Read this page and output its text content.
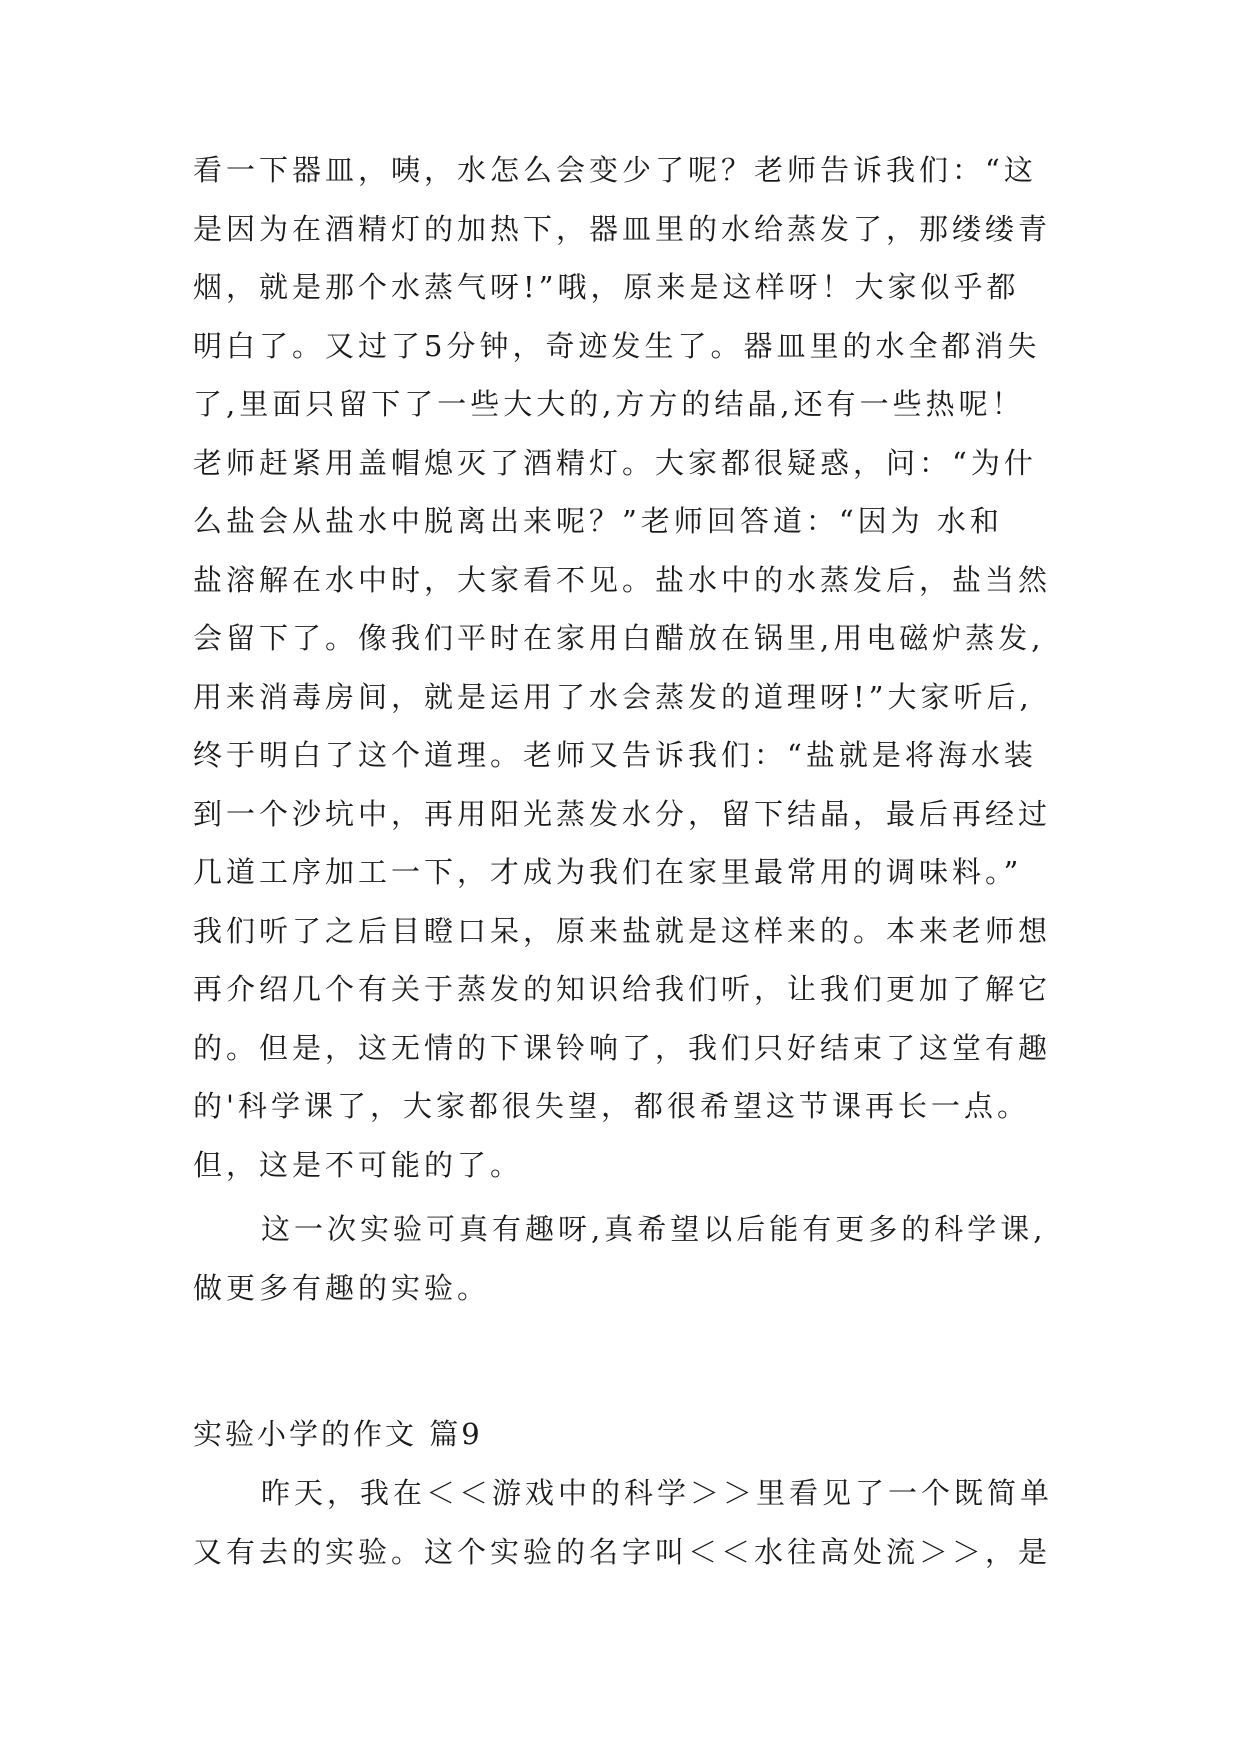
看一下器皿，咦，水怎么会变少了呢？老师告诉我们：“这
是因为在酒精灯的加热下，器皿里的水给蒸发了，那缕缕青
烟，就是那个水蒸气呀!”哦，原来是这样呀！大家似乎都
明白了。又过了5分钟，奇迹发生了。器皿里的水全都消失
了,里面只留下了一些大大的,方方的结晶,还有一些热呢！
老师赶紧用盖帽熄灭了酒精灯。大家都很疑惑，问：“为什
么盐会从盐水中脱离出来呢？”老师回答道：“因为 水和
盐溶解在水中时，大家看不见。盐水中的水蒸发后，盐当然
会留下了。像我们平时在家用白醋放在锅里,用电磁炉蒸发,
用来消毒房间，就是运用了水会蒸发的道理呀!”大家听后,
终于明白了这个道理。老师又告诉我们：“盐就是将海水装
到一个沙坑中，再用阳光蒸发水分，留下结晶，最后再经过
几道工序加工一下，才成为我们在家里最常用的调味料。”
我们听了之后目瞪口呆，原来盐就是这样来的。本来老师想
再介绍几个有关于蒸发的知识给我们听，让我们更加了解它
的。但是，这无情的下课铃响了，我们只好结束了这堂有趣
的'科学课了，大家都很失望，都很希望这节课再长一点。
但，这是不可能的了。
这一次实验可真有趣呀,真希望以后能有更多的科学课,
做更多有趣的实验。
实验小学的作文 篇9
昨天，我在＜＜游戏中的科学＞＞里看见了一个既简单
又有去的实验。这个实验的名字叫＜＜水往高处流＞＞，是
